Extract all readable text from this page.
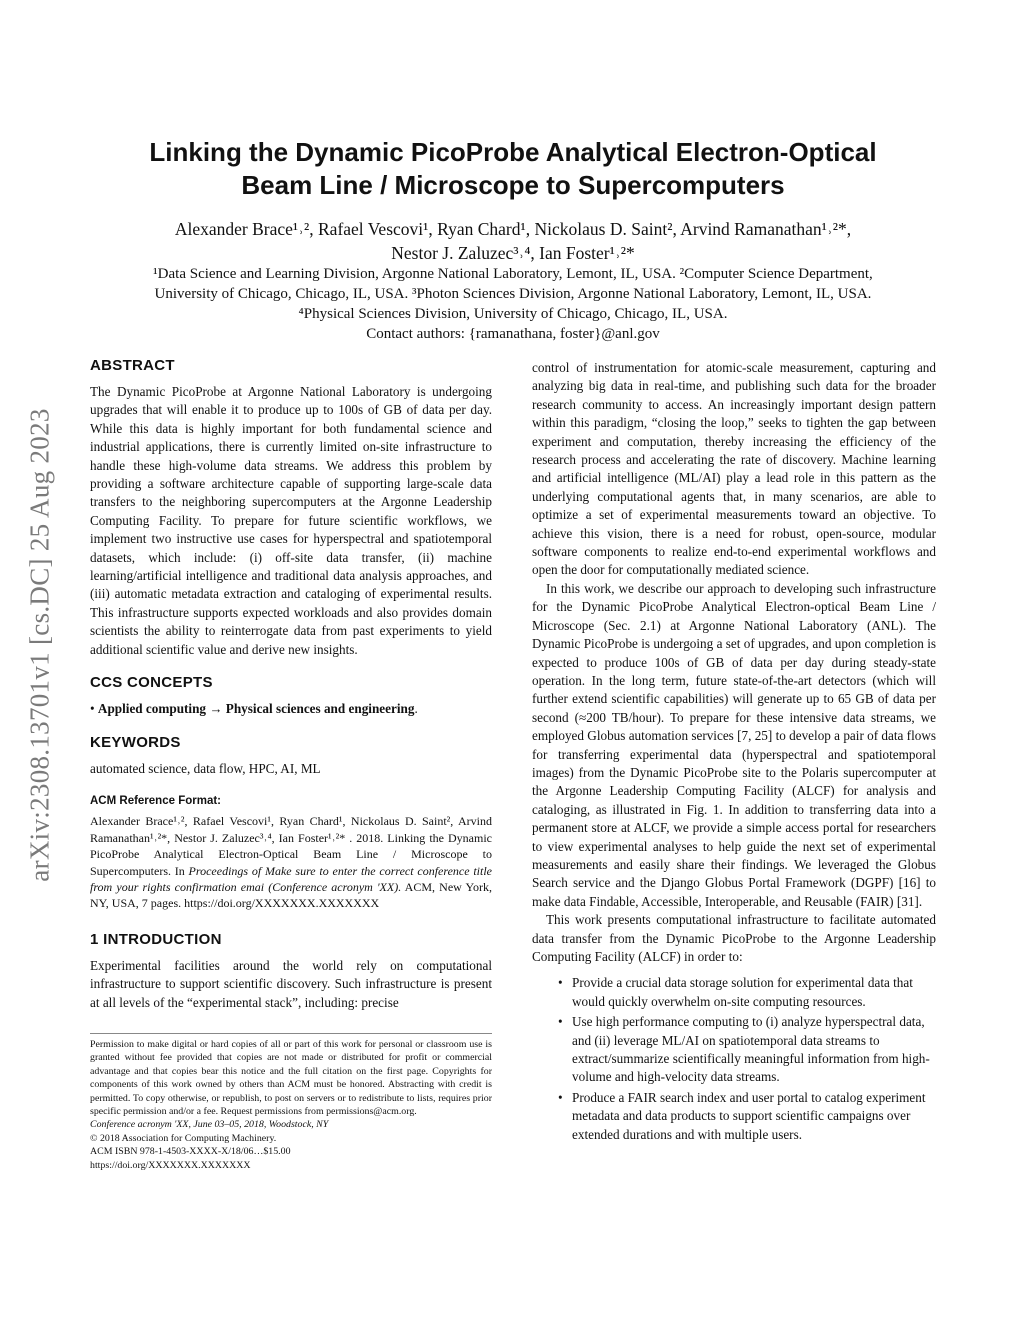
arXiv:2308.13701v1 [cs.DC] 25 Aug 2023
Linking the Dynamic PicoProbe Analytical Electron-Optical
Beam Line / Microscope to Supercomputers
Alexander Brace¹˒², Rafael Vescovi¹, Ryan Chard¹, Nickolaus D. Saint², Arvind Ramanathan¹˒²*,
Nestor J. Zaluzec³˒⁴, Ian Foster¹˒²*
¹Data Science and Learning Division, Argonne National Laboratory, Lemont, IL, USA. ²Computer Science Department,
University of Chicago, Chicago, IL, USA. ³Photon Sciences Division, Argonne National Laboratory, Lemont, IL, USA.
⁴Physical Sciences Division, University of Chicago, Chicago, IL, USA.
Contact authors: {ramanathana, foster}@anl.gov
ABSTRACT

The Dynamic PicoProbe at Argonne National Laboratory is undergoing upgrades that will enable it to produce up to 100s of GB of data per day. While this data is highly important for both fundamental science and industrial applications, there is currently limited on-site infrastructure to handle these high-volume data streams. We address this problem by providing a software architecture capable of supporting large-scale data transfers to the neighboring supercomputers at the Argonne Leadership Computing Facility. To prepare for future scientific workflows, we implement two instructive use cases for hyperspectral and spatiotemporal datasets, which include: (i) off-site data transfer, (ii) machine learning/artificial intelligence and traditional data analysis approaches, and (iii) automatic metadata extraction and cataloging of experimental results. This infrastructure supports expected workloads and also provides domain scientists the ability to reinterrogate data from past experiments to yield additional scientific value and derive new insights.

CCS CONCEPTS

• Applied computing → Physical sciences and engineering.

KEYWORDS

automated science, data flow, HPC, AI, ML

ACM Reference Format:

Alexander Brace¹˒², Rafael Vescovi¹, Ryan Chard¹, Nickolaus D. Saint², Arvind Ramanathan¹˒²*, Nestor J. Zaluzec³˒⁴, Ian Foster¹˒²* . 2018. Linking the Dynamic PicoProbe Analytical Electron-Optical Beam Line / Microscope to Supercomputers. In Proceedings of Make sure to enter the correct conference title from your rights confirmation emai (Conference acronym 'XX). ACM, New York, NY, USA, 7 pages. https://doi.org/XXXXXXX.XXXXXXX

1 INTRODUCTION

Experimental facilities around the world rely on computational infrastructure to support scientific discovery. Such infrastructure is present at all levels of the “experimental stack”, including: precise

Permission to make digital or hard copies of all or part of this work for personal or classroom use is granted without fee provided that copies are not made or distributed for profit or commercial advantage and that copies bear this notice and the full citation on the first page. Copyrights for components of this work owned by others than ACM must be honored. Abstracting with credit is permitted. To copy otherwise, or republish, to post on servers or to redistribute to lists, requires prior specific permission and/or a fee. Request permissions from permissions@acm.org.

Conference acronym 'XX, June 03–05, 2018, Woodstock, NY
© 2018 Association for Computing Machinery.
ACM ISBN 978-1-4503-XXXX-X/18/06…$15.00
https://doi.org/XXXXXXX.XXXXXXX

control of instrumentation for atomic-scale measurement, capturing and analyzing big data in real-time, and publishing such data for the broader research community to access. An increasingly important design pattern within this paradigm, “closing the loop,” seeks to tighten the gap between experiment and computation, thereby increasing the efficiency of the research process and accelerating the rate of discovery. Machine learning and artificial intelligence (ML/AI) play a lead role in this pattern as the underlying computational agents that, in many scenarios, are able to optimize a set of experimental measurements toward an objective. To achieve this vision, there is a need for robust, open-source, modular software components to realize end-to-end experimental workflows and open the door for computationally mediated science.

In this work, we describe our approach to developing such infrastructure for the Dynamic PicoProbe Analytical Electron-optical Beam Line / Microscope (Sec. 2.1) at Argonne National Laboratory (ANL). The Dynamic PicoProbe is undergoing a set of upgrades, and upon completion is expected to produce 100s of GB of data per day during steady-state operation. In the long term, future state-of-the-art detectors (which will further extend scientific capabilities) will generate up to 65 GB of data per second (≈200 TB/hour). To prepare for these intensive data streams, we employed Globus automation services [7, 25] to develop a pair of data flows for transferring experimental data (hyperspectral and spatiotemporal images) from the Dynamic PicoProbe site to the Polaris supercomputer at the Argonne Leadership Computing Facility (ALCF) for analysis and cataloging, as illustrated in Fig. 1. In addition to transferring data into a permanent store at ALCF, we provide a simple access portal for researchers to view experimental analyses to help guide the next set of experimental measurements and easily share their findings. We leveraged the Globus Search service and the Django Globus Portal Framework (DGPF) [16] to make data Findable, Accessible, Interoperable, and Reusable (FAIR) [31].

This work presents computational infrastructure to facilitate automated data transfer from the Dynamic PicoProbe to the Argonne Leadership Computing Facility (ALCF) in order to:

• Provide a crucial data storage solution for experimental data that would quickly overwhelm on-site computing resources.
• Use high performance computing to (i) analyze hyperspectral data, and (ii) leverage ML/AI on spatiotemporal data streams to extract/summarize scientifically meaningful information from high-volume and high-velocity data streams.
• Produce a FAIR search index and user portal to catalog experiment metadata and data products to support scientific campaigns over extended durations and with multiple users.
